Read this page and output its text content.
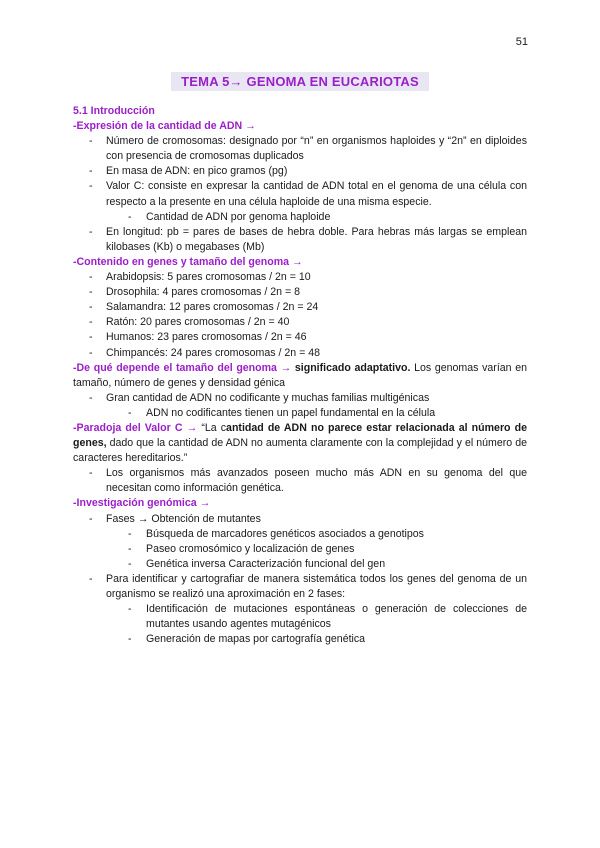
51
TEMA 5→ GENOMA EN EUCARIOTAS

5.1 Introducción

-Expresión de la cantidad de ADN →

- Número de cromosomas: designado por “n” en organismos haploides y “2n” en diploides con presencia de cromosomas duplicados
- En masa de ADN: en pico gramos (pg)
- Valor C: consiste en expresar la cantidad de ADN total en el genoma de una célula con respecto a la presente en una célula haploide de una misma especie.
- Cantidad de ADN por genoma haploide
- En longitud: pb = pares de bases de hebra doble. Para hebras más largas se emplean kilobases (Kb) o megabases (Mb)

-Contenido en genes y tamaño del genoma →

- Arabidopsis: 5 pares cromosomas / 2n = 10
- Drosophila: 4 pares cromosomas / 2n = 8
- Salamandra: 12 pares cromosomas / 2n = 24
- Ratón: 20 pares cromosomas / 2n = 40
- Humanos: 23 pares cromosomas / 2n = 46
- Chimpancés: 24 pares cromosomas / 2n = 48

-De qué depende el tamaño del genoma → significado adaptativo. Los genomas varían en tamaño, número de genes y densidad génica

- Gran cantidad de ADN no codificante y muchas familias multigénicas
- ADN no codificantes tienen un papel fundamental en la célula

-Paradoja del Valor C → “La cantidad de ADN no parece estar relacionada al número de genes, dado que la cantidad de ADN no aumenta claramente con la complejidad y el número de caracteres hereditarios.”

- Los organismos más avanzados poseen mucho más ADN en su genoma del que necesitan como información genética.

-Investigación genómica →

- Fases → Obtención de mutantes
- Búsqueda de marcadores genéticos asociados a genotipos
- Paseo cromosómico y localización de genes
- Genética inversa Caracterización funcional del gen
- Para identificar y cartografiar de manera sistemática todos los genes del genoma de un organismo se realizó una aproximación en 2 fases:
- Identificación de mutaciones espontáneas o generación de colecciones de mutantes usando agentes mutagénicos
- Generación de mapas por cartografía genética
